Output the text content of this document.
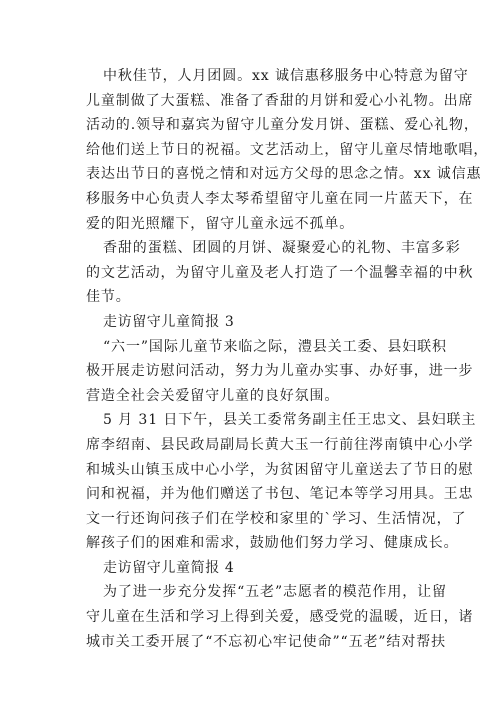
中秋佳节，人月团圆。xx 诚信惠移服务中心特意为留守
儿童制做了大蛋糕、准备了香甜的月饼和爱心小礼物。出席
活动的.领导和嘉宾为留守儿童分发月饼、蛋糕、爱心礼物，
给他们送上节日的祝福。文艺活动上，留守儿童尽情地歌唱，
表达出节日的喜悦之情和对远方父母的思念之情。xx 诚信惠
移服务中心负责人李太琴希望留守儿童在同一片蓝天下，在
爱的阳光照耀下，留守儿童永远不孤单。
香甜的蛋糕、团圆的月饼、凝聚爱心的礼物、丰富多彩
的文艺活动，为留守儿童及老人打造了一个温馨幸福的中秋
佳节。
走访留守儿童简报 3
“六一”国际儿童节来临之际，澧县关工委、县妇联积
极开展走访慰问活动，努力为儿童办实事、办好事，进一步
营造全社会关爱留守儿童的良好氛围。
5 月 31 日下午，县关工委常务副主任王忠文、县妇联主
席李绍南、县民政局副局长黄大玉一行前往涔南镇中心小学
和城头山镇玉成中心小学，为贫困留守儿童送去了节日的慰
问和祝福，并为他们赠送了书包、笔记本等学习用具。王忠
文一行还询问孩子们在学校和家里的`学习、生活情况，了
解孩子们的困难和需求，鼓励他们努力学习、健康成长。
走访留守儿童简报 4
为了进一步充分发挥“五老”志愿者的模范作用，让留
守儿童在生活和学习上得到关爱，感受党的温暖，近日，诸
城市关工委开展了“不忘初心牢记使命”“五老”结对帮扶
